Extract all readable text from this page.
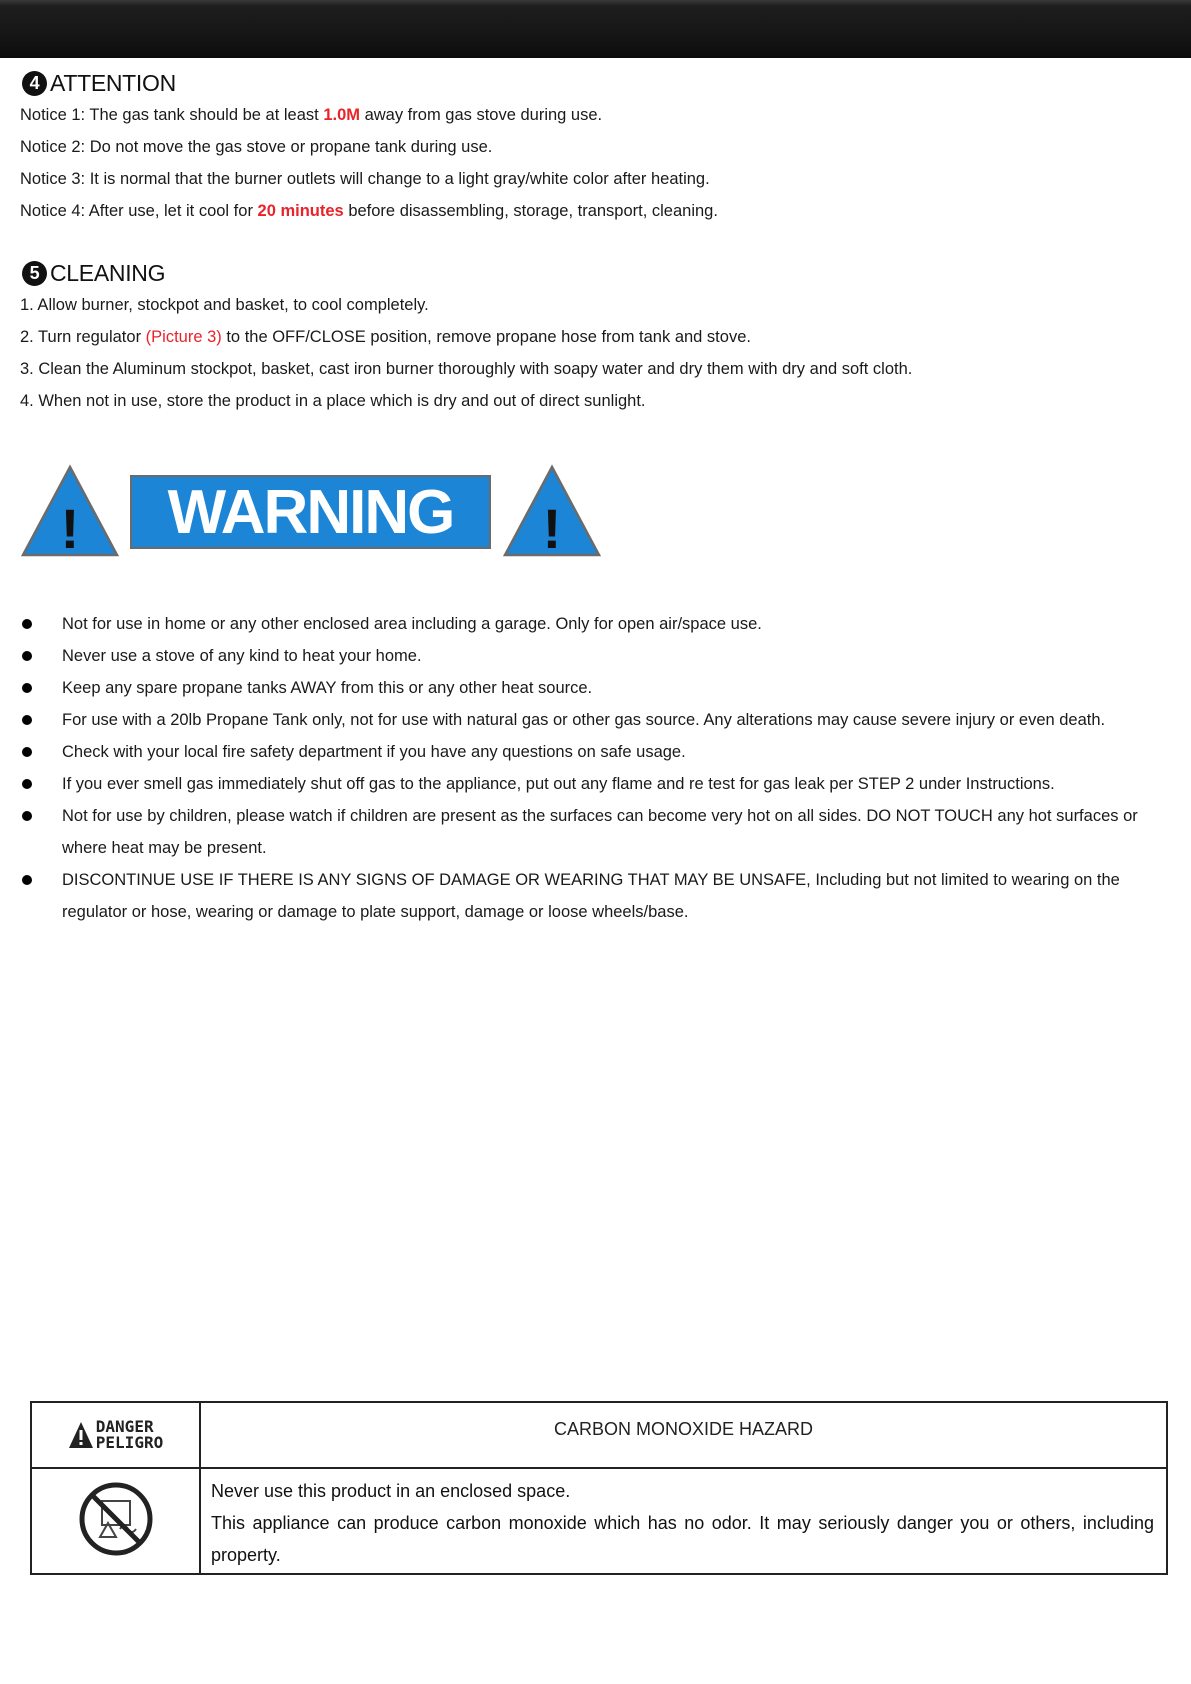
4 ATTENTION
Notice 1: The gas tank should be at least 1.0M away from gas stove during use.
Notice 2: Do not move the gas stove or propane tank during use.
Notice 3: It is normal that the burner outlets will change to a light gray/white color after heating.
Notice 4: After use, let it cool for 20 minutes before disassembling, storage, transport, cleaning.
5 CLEANING
1. Allow burner, stockpot and basket, to cool completely.
2. Turn regulator (Picture 3) to the OFF/CLOSE position, remove propane hose from tank and stove.
3. Clean the Aluminum stockpot, basket, cast iron burner thoroughly with soapy water and dry them with dry and soft cloth.
4. When not in use, store the product in a place which is dry and out of direct sunlight.
!	WARNING	!
Not for use in home or any other enclosed area including a garage. Only for open air/space use.
Never use a stove of any kind to heat your home.
Keep any spare propane tanks AWAY from this or any other heat source.
For use with a 20lb Propane Tank only, not for use with natural gas or other gas source. Any alterations may cause severe injury or even death.
Check with your local fire safety department if you have any questions on safe usage.
If you ever smell gas immediately shut off gas to the appliance, put out any flame and re test for gas leak per STEP 2 under Instructions.
Not for use by children, please watch if children are present as the surfaces can become very hot on all sides. DO NOT TOUCH any hot surfaces or where heat may be present.
DISCONTINUE USE IF THERE IS ANY SIGNS OF DAMAGE OR WEARING THAT MAY BE UNSAFE, Including but not limited to wearing on the regulator or hose, wearing or damage to plate support, damage or loose wheels/base.
DANGER
PELIGRO	CARBON MONOXIDE HAZARD

Never use this product in an enclosed space.
This appliance can produce carbon monoxide which has no odor. It may seriously danger you or others, including property.
